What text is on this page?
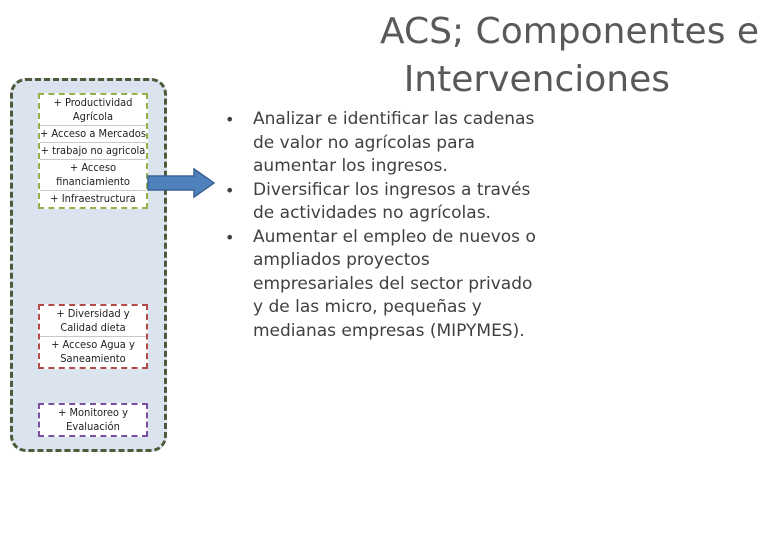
ACS; Componentes e
Intervenciones
+ Productividad Agrícola
+ Acceso a Mercados
+ trabajo no agricola
+ Acceso financiamiento
+ Infraestructura
+ Diversidad y Calidad dieta
+ Acceso Agua y Saneamiento
+ Monitoreo y Evaluación
• Analizar e identificar las cadenas de valor no agrícolas para aumentar los ingresos.
• Diversificar los ingresos a través de actividades no agrícolas.
• Aumentar el empleo de nuevos o ampliados proyectos empresariales del sector privado y de las micro, pequeñas y medianas empresas (MIPYMES).
